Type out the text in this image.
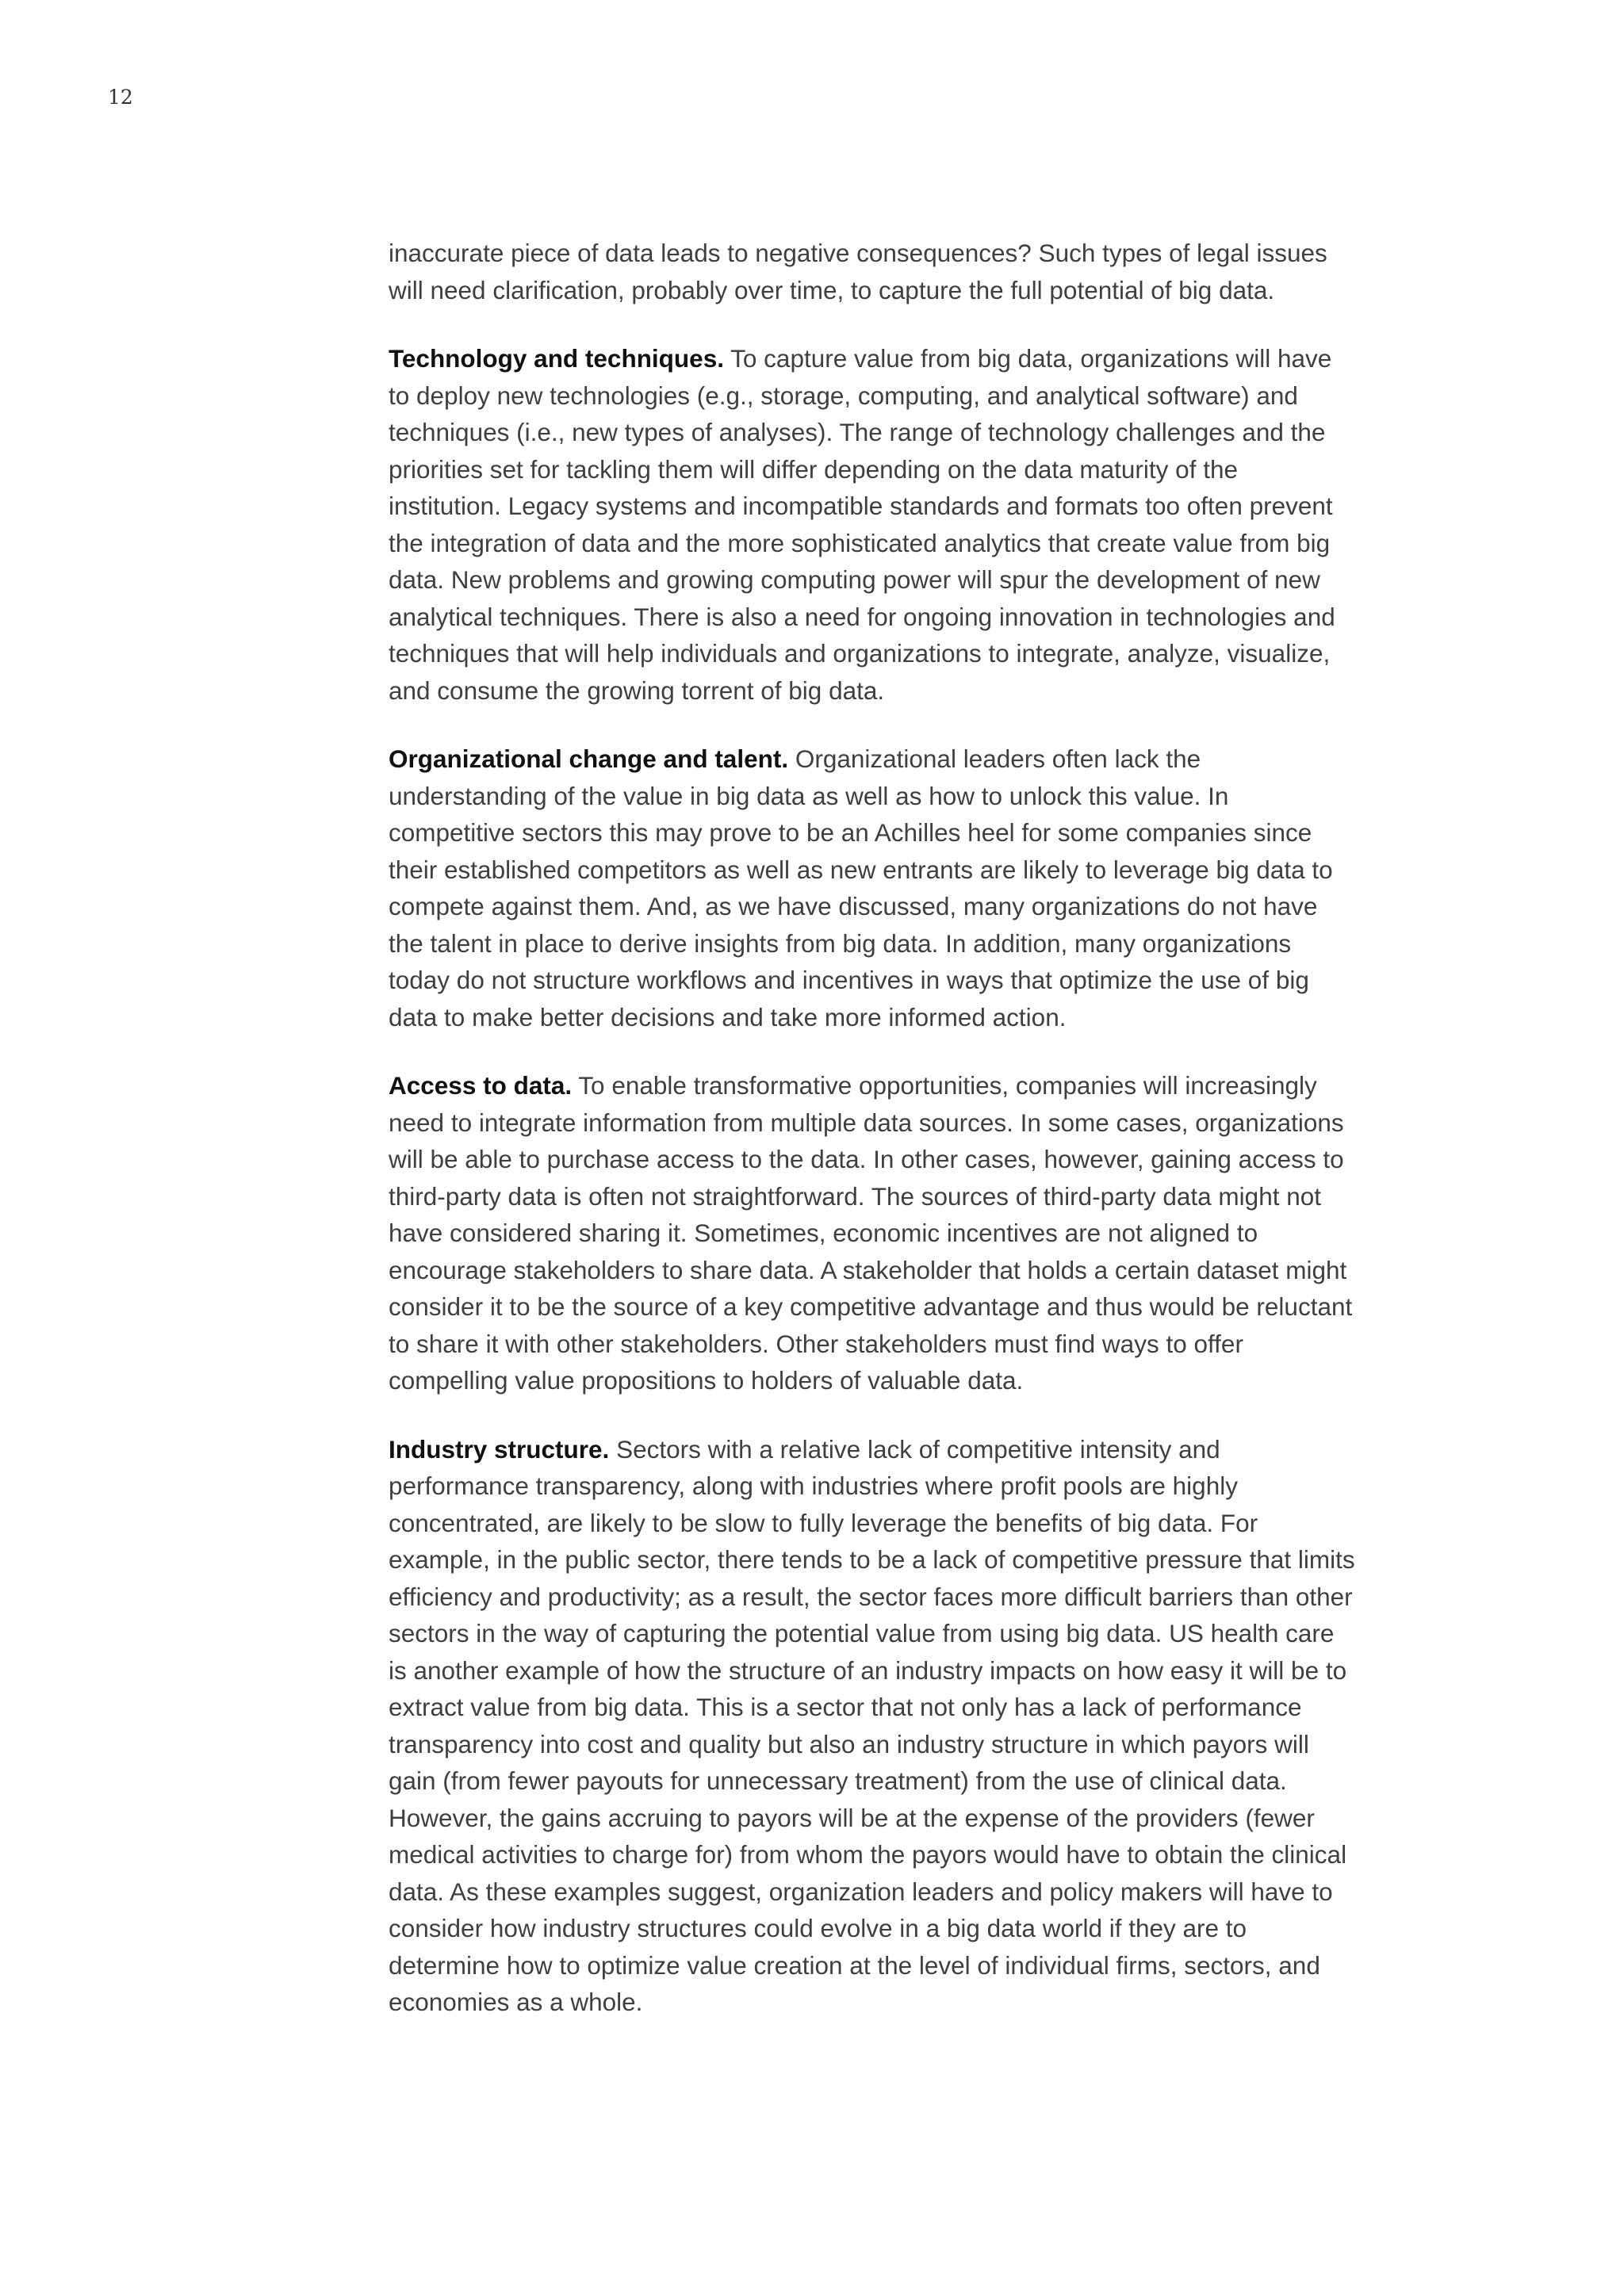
12

inaccurate piece of data leads to negative consequences? Such types of legal issues will need clarification, probably over time, to capture the full potential of big data.

Technology and techniques. To capture value from big data, organizations will have to deploy new technologies (e.g., storage, computing, and analytical software) and techniques (i.e., new types of analyses). The range of technology challenges and the priorities set for tackling them will differ depending on the data maturity of the institution. Legacy systems and incompatible standards and formats too often prevent the integration of data and the more sophisticated analytics that create value from big data. New problems and growing computing power will spur the development of new analytical techniques. There is also a need for ongoing innovation in technologies and techniques that will help individuals and organizations to integrate, analyze, visualize, and consume the growing torrent of big data.

Organizational change and talent. Organizational leaders often lack the understanding of the value in big data as well as how to unlock this value. In competitive sectors this may prove to be an Achilles heel for some companies since their established competitors as well as new entrants are likely to leverage big data to compete against them. And, as we have discussed, many organizations do not have the talent in place to derive insights from big data. In addition, many organizations today do not structure workflows and incentives in ways that optimize the use of big data to make better decisions and take more informed action.

Access to data. To enable transformative opportunities, companies will increasingly need to integrate information from multiple data sources. In some cases, organizations will be able to purchase access to the data. In other cases, however, gaining access to third-party data is often not straightforward. The sources of third-party data might not have considered sharing it. Sometimes, economic incentives are not aligned to encourage stakeholders to share data. A stakeholder that holds a certain dataset might consider it to be the source of a key competitive advantage and thus would be reluctant to share it with other stakeholders. Other stakeholders must find ways to offer compelling value propositions to holders of valuable data.

Industry structure. Sectors with a relative lack of competitive intensity and performance transparency, along with industries where profit pools are highly concentrated, are likely to be slow to fully leverage the benefits of big data. For example, in the public sector, there tends to be a lack of competitive pressure that limits efficiency and productivity; as a result, the sector faces more difficult barriers than other sectors in the way of capturing the potential value from using big data. US health care is another example of how the structure of an industry impacts on how easy it will be to extract value from big data. This is a sector that not only has a lack of performance transparency into cost and quality but also an industry structure in which payors will gain (from fewer payouts for unnecessary treatment) from the use of clinical data. However, the gains accruing to payors will be at the expense of the providers (fewer medical activities to charge for) from whom the payors would have to obtain the clinical data. As these examples suggest, organization leaders and policy makers will have to consider how industry structures could evolve in a big data world if they are to determine how to optimize value creation at the level of individual firms, sectors, and economies as a whole.
